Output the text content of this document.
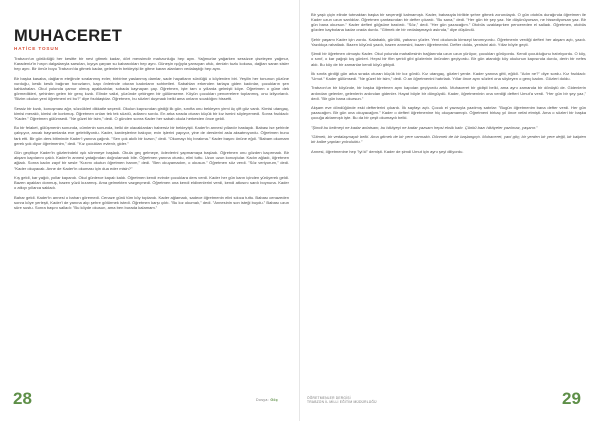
MUHACERET
HATİCE TOSUN

Trabzon'un görüldüğü her kesitte bir nevi gitmek kadar, dört mevsimdir mahzunluğu hep aynı. Yağmurlar yağarken sessizce çiseleyen yağmur, Karadeniz'in hırçın dalgalarıyla sarsılan, kıyıya çarpan su kabarcıkları hep aynı. Güneşin ışığıyla yansıyan ufuk, denizin tuzlu kokusu, dağları saran sisler hep aynı. Bir ömür boyu Trabzon'da gitmek kadar, gelenlerin bekleyişi ile gitme kararı alanların vedalaştığı hep aynı.

Bir başka kasaba, dağların eteğinde sıralanmış evler, birbirine yaslanmış damlar, sade hayatların sürdüğü o köylerden biri. Yeşilin her tonunun yüzüne vurduğu, kesik kesik bağıran horozların, kapı önlerinde oturan kadınların sohbetleri. Sabahları erkenden tarlaya giden kadınlar, çocukların şen kahkahaları. Okul yolunda çamur olmuş ayakkabılar, sobada kaynayan çay. Öğretmen, işte tam o yıllarda gelmişti köye. Öğretmen o güne dek görmedikleri, şehirden gelen bir genç kızdı. Elinde valizi, yüzünde çekingen bir gülümseme. Köyün çocukları pencerelere toplanmış, onu izliyorlardı. "Bizim okulun yeni öğretmeni mi bu?" diye fısıldaştılar. Öğretmen, bu sözleri duymadı belki ama onların sıcaklığını hissetti.

Sessiz bir kızdı, konuşması ağır, sözcükleri dikkatle seçerdi. Okulun kapısından girdiği ilk gün, sınıfta onu bekleyen yirmi üç çift göz vardı. Kimisi utangaç, kimisi meraklı, kimisi de korkmuş. Öğretmen onları tek tek süzdü, adlarını sordu. En arka sırada oturan küçük bir kız ismini söyleyemedi. Sonra fısıldadı: "Kader." Öğretmen gülümsedi. "Ne güzel bir isim," dedi. O günden sonra Kader her sabah okula herkesten önce geldi.

Bu bir felaket, gülüşmenin sonunda, cümlenin sonunda, belki de olacaklardan habersiz bir bekleyişti. Kader'in annesi yıllardır hastaydı. Babası ise şehirde çalışıyor, ancak bayramlarda eve gelebiliyordu. Kader, kardeşlerine bakıyor, evin işlerini yapıyor, yine de derslerini asla aksatmıyordu. Öğretmen bunu fark etti. Bir gün ders bitiminde Kader'i yanına çağırdı. "Sen çok akıllı bir kızsın," dedi. "Okumayı hiç bırakma." Kader başını önüne eğdi. "Babam okumam gerek yok diyor öğretmenim," dedi. "Kız çocukları evlenir, gider."

Gün geçtikçe Kader'in gözlerindeki ışık sönmeye başladı. Okula geç gelmeye, ödevlerini yapmamaya başladı. Öğretmen onu gözden kaçırmadı. Bir akşam kapılarını çaldı. Kader'in annesi yatağından doğrulamadı bile. Öğretmen yanına oturdu, elini tuttu. Uzun uzun konuştular. Kadın ağladı, öğretmen ağladı. Sonra kadın zayıf bir sesle "Kızımı okutun öğretmen hanım," dedi. "Ben okuyamadım, o okusun." Öğretmen söz verdi. "Söz veriyorum," dedi. "Kader okuyacak. Anne de Kader'in okuması için dua eder misin?"

Kış geldi, kar yağdı, yollar kapandı. Okul günlerce kapalı kaldı. Öğretmen kendi evinde çocuklara ders verdi. Kader her gün karın içinden yürüyerek geldi. Bazen ayakları donmuş, bazen yüzü kızarmış. Ama gelmekten vazgeçmedi. Öğretmen ona kendi eldivenlerini verdi, kendi atkısını sardı boynuna. Kader o atkıyı yıllarca sakladı.

Bahar geldi. Kader'in annesi o baharı göremedi. Cenaze günü tüm köy toplandı. Kader ağlamadı, sadece öğretmenin elini sıkıca tuttu. Babası cenazeden sonra köye yerleşti, Kader'i de yanına alıp şehre götürmek istedi. Öğretmen karşı çıktı. "Bu kız okumalı," dedi. "Annesinin son isteği buydu." Babası uzun süre sustu. Sonra başını salladı: "Bu köyde okusun, ama ben burada kalamam."

28	Dosya: Göç

Bir yaşlı çiçin elinde tutmaktan başka bir seçeneği kalmamıştı. Kader, babasıyla birlikte şehre gitmek zorundaydı. O gün otobüs durağında öğretmen ile Kader uzun uzun sarıldılar. Öğretmen çantasından bir defter çıkardı. "Bu sana," dedi. "Her gün bir şey yaz. Ne düşünüyorsan, ne hissediyorsan yaz. Bir gün bana okursun." Kader defteri göğsüne bastırdı. "Söz," dedi. "Her gün yazacağım." Otobüs uzaklaşırken pencereden el salladı. Öğretmen, otobüs gözden kaybolana kadar orada durdu. "Gitmek de bir vedalaşmaydı aslında," diye düşündü.

Şehir yaşamı Kader için zordu. Kalabalık, gürültü, yabancı yüzler. Yeni okulunda kimseyi tanımıyordu. Öğretmenin verdiği defteri her akşam açtı, yazdı. Yazdıkça rahatladı. Bazen köyünü yazdı, bazen annesini, bazen öğretmenini. Defter doldu, yenisini aldı. Yıllar böyle geçti.

Şimdi bir öğretmen olmuştu Kader. Okul yolunda mahallesinin bağlarında uzun uzun yürüyor, çocukları görüyordu. Kendi çocukluğunu hatırlıyordu. O köy, o sınıf, o kar yağışlı kış günleri. Hepsi bir film şeridi gibi gözlerinin önünden geçiyordu. Bir gün atandığı köy okulunun kapısında durdu, derin bir nefes aldı. Bu köy de bir zamanlar kendi köyü gibiydi.

İlk sınıfa girdiği gün arka sırada oturan küçük bir kız gördü. Kız utangaç, gözleri yerde. Kader yanına gitti, eğildi. "Adın ne?" diye sordu. Kız fısıldadı: "Umut." Kader gülümsedi. "Ne güzel bir isim," dedi. O an öğretmenini hatırladı. Yıllar önce aynı sözleri ona söyleyen o genç kadını. Gözleri doldu.

Trabzon'un bir köyünde, bir başka öğretmen aynı kapıdan geçiyordu artık. Muhaceret bir gidişti belki, ama aynı zamanda bir dönüştü de. Gidenlerin ardından gelenler, gelenlerin ardından gidenler. Hayat böyle bir döngüydü. Kader, öğretmeninin ona verdiği defteri Umut'a verdi. "Her gün bir şey yaz," dedi. "Bir gün bana okursun."

Akşam eve döndüğünde eski defterlerini çıkardı. İlk sayfayı açtı. Çocuk el yazısıyla yazılmış satırlar: "Bugün öğretmenim bana defter verdi. Her gün yazacağım. Bir gün ona okuyacağım." Kader o defteri öğretmenine hiç okuyamamıştı. Öğretmeni birkaç yıl önce vefat etmişti. Ama o sözleri bir başka çocuğa aktarmıştı işte. Bu da bir çeşit okumaydı belki.

"Şimdi bu kelimeyi ne kadar anlatsam, bu hikâyeyi ne kadar yazsam hepsi eksik kalır. Çünkü bazı hikâyeler yazılmaz, yaşanır."

"Gitmek, bir vedalaşmaydı belki. Ama gitmek de bir yere varmaktı. Dönmek de bir başlangıçtı. Muhaceret, yani göç; bir yerden bir yere değil, bir kalpten bir kalbe yapılan yolculuktu."

Annesi, öğretmenine hep "iyi ki" demişti. Kader de şimdi Umut için aynı şeyi diliyordu.

ÖĞRETMENLER DERGİSİ
TRABZON İL MİLLİ EĞİTİM MÜDÜRLÜĞÜ	29
